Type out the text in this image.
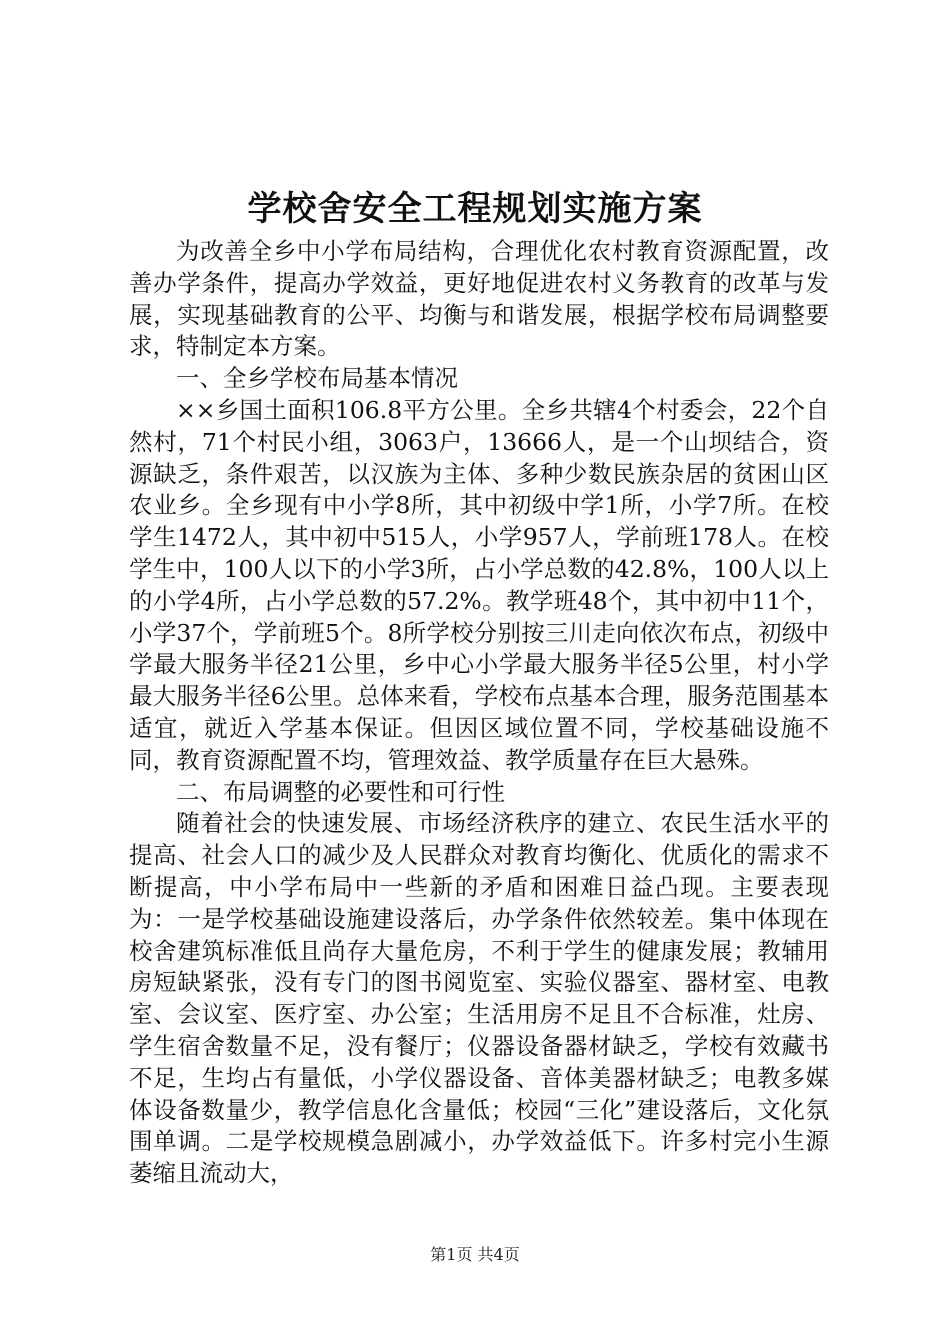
学校舍安全工程规划实施方案

为改善全乡中小学布局结构，合理优化农村教育资源配置，改善办学条件，提高办学效益，更好地促进农村义务教育的改革与发展，实现基础教育的公平、均衡与和谐发展，根据学校布局调整要求，特制定本方案。

一、全乡学校布局基本情况

××乡国土面积106.8平方公里。全乡共辖4个村委会，22个自然村，71个村民小组，3063户，13666人，是一个山坝结合，资源缺乏，条件艰苦，以汉族为主体、多种少数民族杂居的贫困山区农业乡。全乡现有中小学8所，其中初级中学1所，小学7所。在校学生1472人，其中初中515人，小学957人，学前班178人。在校学生中，100人以下的小学3所，占小学总数的42.8%，100人以上的小学4所，占小学总数的57.2%。教学班48个，其中初中11个，小学37个，学前班5个。8所学校分别按三川走向依次布点，初级中学最大服务半径21公里，乡中心小学最大服务半径5公里，村小学最大服务半径6公里。总体来看，学校布点基本合理，服务范围基本适宜，就近入学基本保证。但因区域位置不同，学校基础设施不同，教育资源配置不均，管理效益、教学质量存在巨大悬殊。

二、布局调整的必要性和可行性

随着社会的快速发展、市场经济秩序的建立、农民生活水平的提高、社会人口的减少及人民群众对教育均衡化、优质化的需求不断提高，中小学布局中一些新的矛盾和困难日益凸现。主要表现为：一是学校基础设施建设落后，办学条件依然较差。集中体现在校舍建筑标准低且尚存大量危房，不利于学生的健康发展；教辅用房短缺紧张，没有专门的图书阅览室、实验仪器室、器材室、电教室、会议室、医疗室、办公室；生活用房不足且不合标准，灶房、学生宿舍数量不足，没有餐厅；仪器设备器材缺乏，学校有效藏书不足，生均占有量低，小学仪器设备、音体美器材缺乏；电教多媒体设备数量少，教学信息化含量低；校园“三化”建设落后，文化氛围单调。二是学校规模急剧减小，办学效益低下。许多村完小生源萎缩且流动大，

第1页 共4页
